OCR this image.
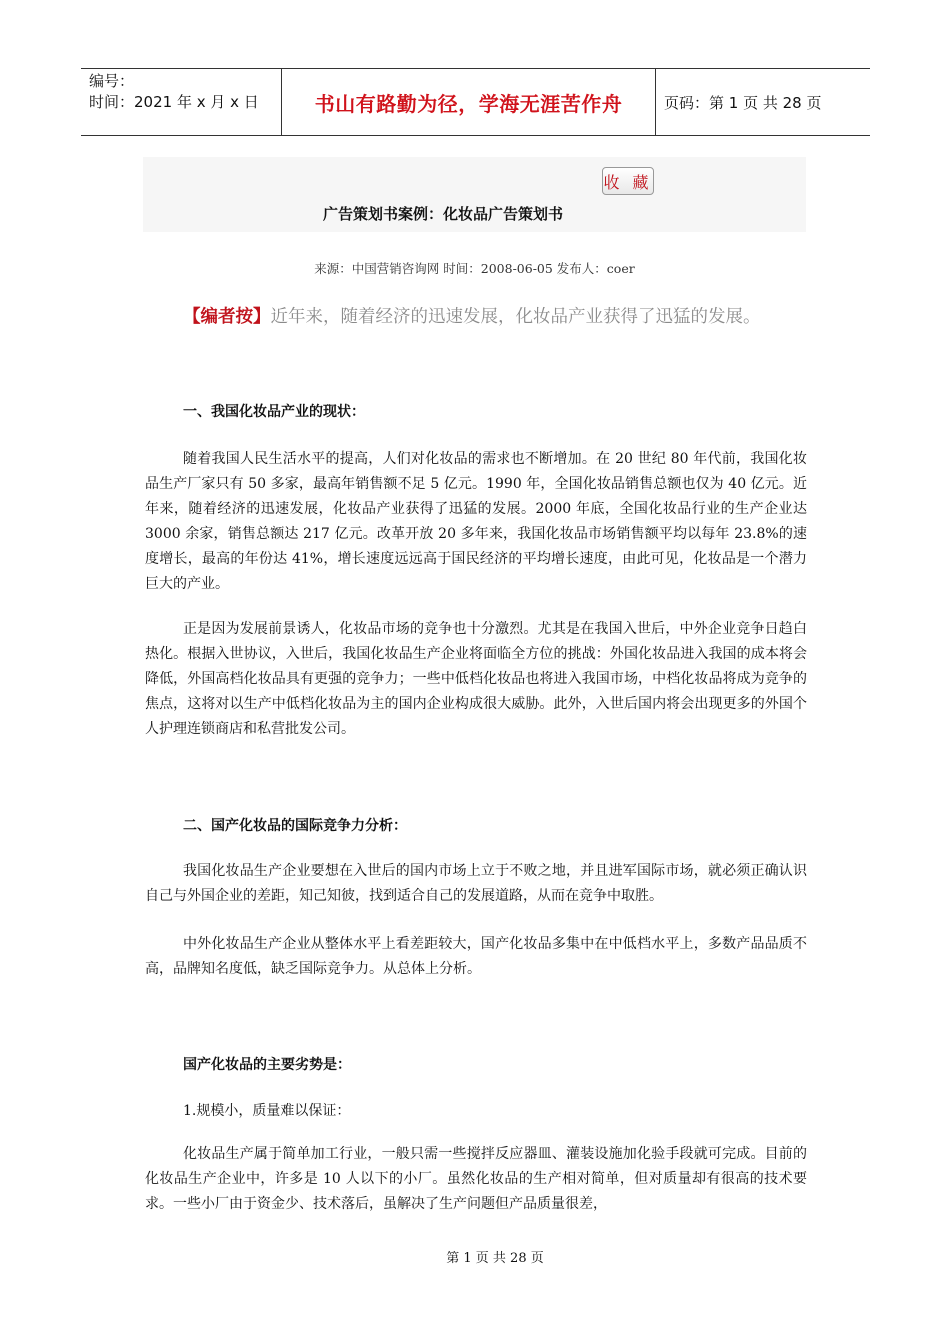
编号：
时间：2021 年 x 月 x 日	书山有路勤为径，学海无涯苦作舟	页码：第 1 页 共 28 页
收 藏
广告策划书案例：化妆品广告策划书
来源：中国营销咨询网 时间：2008-06-05 发布人：coer
【编者按】近年来，随着经济的迅速发展，化妆品产业获得了迅猛的发展。
一、我国化妆品产业的现状：
随着我国人民生活水平的提高，人们对化妆品的需求也不断增加。在 20 世纪 80 年代前，我国化妆品生产厂家只有 50 多家，最高年销售额不足 5 亿元。1990 年，全国化妆品销售总额也仅为 40 亿元。近年来，随着经济的迅速发展，化妆品产业获得了迅猛的发展。2000 年底，全国化妆品行业的生产企业达 3000 余家，销售总额达 217 亿元。改革开放 20 多年来，我国化妆品市场销售额平均以每年 23.8%的速度增长，最高的年份达 41%，增长速度远远高于国民经济的平均增长速度，由此可见，化妆品是一个潜力巨大的产业。
正是因为发展前景诱人，化妆品市场的竞争也十分激烈。尤其是在我国入世后，中外企业竞争日趋白热化。根据入世协议，入世后，我国化妆品生产企业将面临全方位的挑战：外国化妆品进入我国的成本将会降低，外国高档化妆品具有更强的竞争力；一些中低档化妆品也将进入我国市场，中档化妆品将成为竞争的焦点，这将对以生产中低档化妆品为主的国内企业构成很大威胁。此外，入世后国内将会出现更多的外国个人护理连锁商店和私营批发公司。
二、国产化妆品的国际竞争力分析：
我国化妆品生产企业要想在入世后的国内市场上立于不败之地，并且进军国际市场，就必须正确认识自己与外国企业的差距，知己知彼，找到适合自己的发展道路，从而在竞争中取胜。
中外化妆品生产企业从整体水平上看差距较大，国产化妆品多集中在中低档水平上，多数产品品质不高，品牌知名度低，缺乏国际竞争力。从总体上分析。
国产化妆品的主要劣势是：
1.规模小，质量难以保证：
化妆品生产属于简单加工行业，一般只需一些搅拌反应器皿、灌装设施加化验手段就可完成。目前的化妆品生产企业中，许多是 10 人以下的小厂。虽然化妆品的生产相对简单，但对质量却有很高的技术要求。一些小厂由于资金少、技术落后，虽解决了生产问题但产品质量很差，
第 1 页 共 28 页
